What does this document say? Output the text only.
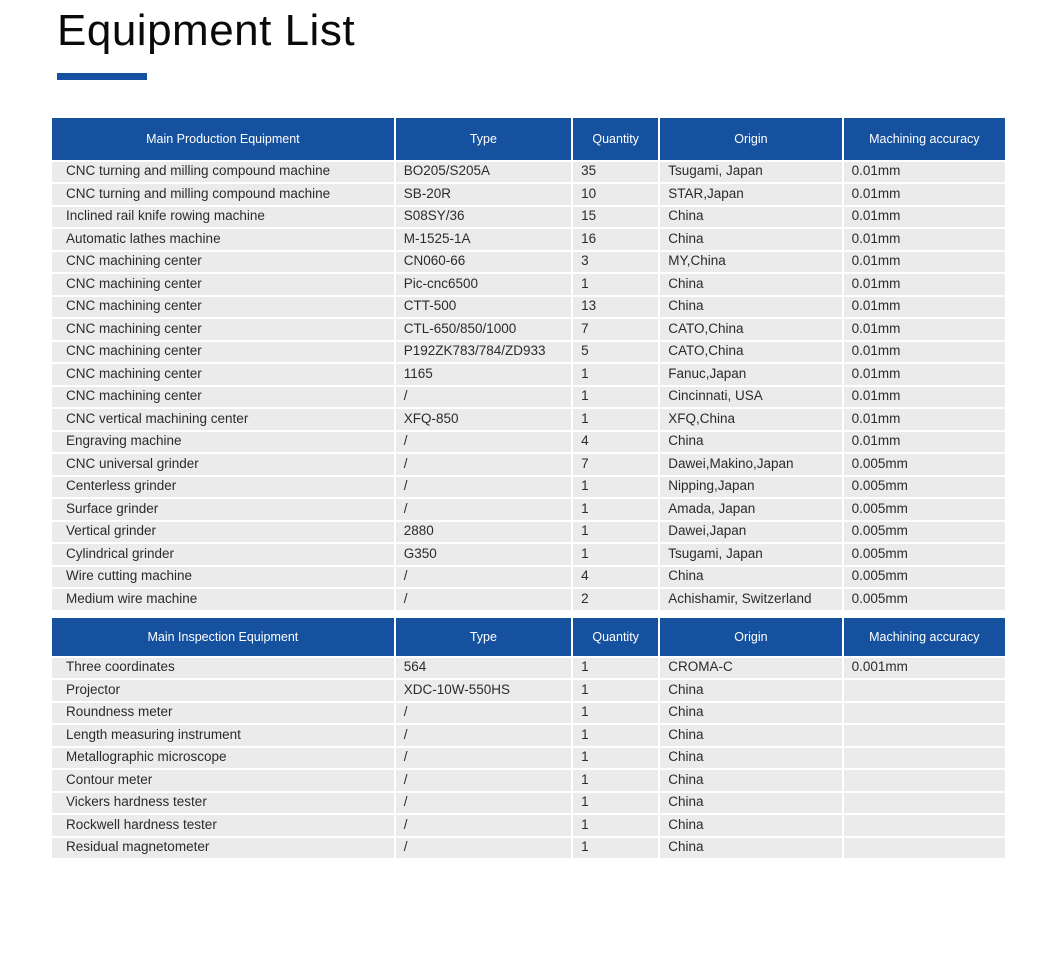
Equipment List
Main Production Equipment	Type	Quantity	Origin	Machining accuracy
CNC turning and milling compound machine	BO205/S205A	35	Tsugami, Japan	0.01mm
CNC turning and milling compound machine	SB-20R	10	STAR,Japan	0.01mm
Inclined rail knife rowing machine	S08SY/36	15	China	0.01mm
Automatic lathes machine	M-1525-1A	16	China	0.01mm
CNC machining center	CN060-66	3	MY,China	0.01mm
CNC machining center	Pic-cnc6500	1	China	0.01mm
CNC machining center	CTT-500	13	China	0.01mm
CNC machining center	CTL-650/850/1000	7	CATO,China	0.01mm
CNC machining center	P192ZK783/784/ZD933	5	CATO,China	0.01mm
CNC machining center	1165	1	Fanuc,Japan	0.01mm
CNC machining center	/	1	Cincinnati, USA	0.01mm
CNC vertical machining center	XFQ-850	1	XFQ,China	0.01mm
Engraving machine	/	4	China	0.01mm
CNC universal grinder	/	7	Dawei,Makino,Japan	0.005mm
Centerless grinder	/	1	Nipping,Japan	0.005mm
Surface grinder	/	1	Amada, Japan	0.005mm
Vertical grinder	2880	1	Dawei,Japan	0.005mm
Cylindrical grinder	G350	1	Tsugami, Japan	0.005mm
Wire cutting machine	/	4	China	0.005mm
Medium wire machine	/	2	Achishamir, Switzerland	0.005mm
Main Inspection Equipment	Type	Quantity	Origin	Machining accuracy
Three coordinates	564	1	CROMA-C	0.001mm
Projector	XDC-10W-550HS	1	China	
Roundness meter	/	1	China	
Length measuring instrument	/	1	China	
Metallographic microscope	/	1	China	
Contour meter	/	1	China	
Vickers hardness tester	/	1	China	
Rockwell hardness tester	/	1	China	
Residual magnetometer	/	1	China	
